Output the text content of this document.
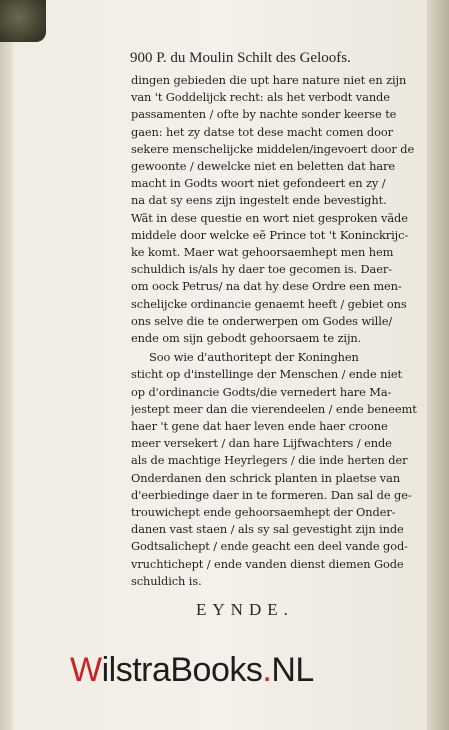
900 P. du Moulin Schilt des Geloofs.
dingen gebieden die upt hare nature niet en zijn
van 't Goddelijck recht: als het verbodt vande
passamenten / ofte by nachte sonder keerse te
gaen: het zy datse tot dese macht comen door
sekere menschelijcke middelen/ingevoert door de
gewoonte / dewelcke niet en beletten dat hare
macht in Godts woort niet gefondeert en zy /
na dat sy eens zijn ingestelt ende bevestight.
Wãt in dese questie en wort niet gesproken vãde
middele door welcke eẽ Prince tot 't Koninckrijc-
ke komt. Maer wat gehoorsaemhept men hem
schuldich is/als hy daer toe gecomen is. Daer-
om oock Petrus/ na dat hy dese Ordre een men-
schelijcke ordinancie genaemt heeft / gebiet ons
ons selve die te onderwerpen om Godes wille/
ende om sijn gebodt gehoorsaem te zijn.
Soo wie d'authoritept der Koninghen
sticht op d'instellinge der Menschen / ende niet
op d'ordinancie Godts/die vernedert hare Ma-
jestept meer dan die vierendeelen / ende beneemt
haer 't gene dat haer leven ende haer croone
meer versekert / dan hare Lijfwachters / ende
als de machtige Heyrlegers / die inde herten der
Onderdanen den schrick planten in plaetse van
d'eerbiedinge daer in te formeren. Dan sal de ge-
trouwichept ende gehoorsaemhept der Onder-
danen vast staen / als sy sal gevestight zijn inde
Godtsalichept / ende geacht een deel vande god-
vruchtichept / ende vanden dienst diemen Gode
schuldich is.
EYNDE.
WilstraBooks.NL
